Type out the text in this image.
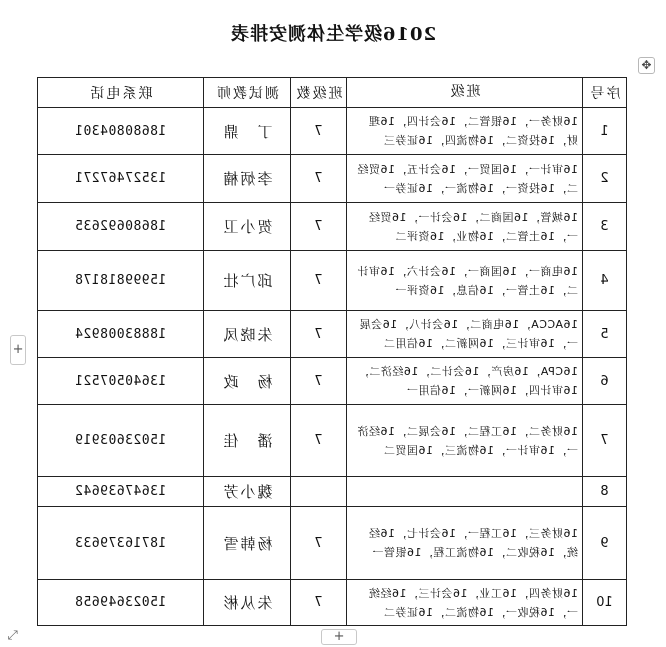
2016级学生体测安排表
✥
+
+
⤡
序号	班级	班级数	测试教师	联系电话
1	16财务一，16银管二，16会计四，16理财，16投资二，16物流四，16证券三	7	丁　鼎	18680804301
2	16审计一，16国贸一，16会计五，16贸经二，16投资一，16物流一，16证券一	7	李炳楠	13527467271
3	16城管，16国商二，16会计一，16贸经一，16土管二，16物业，16资评二	7	贺小卫	18680692635
4	16电商一，16国商一，16会计六，16审计二，16土管一，16信息，16资评一	7	邱广壮	15999818178
5	16ACCA，16电商二，16会计八，16会展一，16审计三，16网新二，16信用二	7	朱晓凤	18883008924
6	16CPA，16房产，16会计二，16经济二，16审计四，16网新一，16信用一	7	杨　政	13640507521
7	16财务二，16工程二，16会展二，16经济一，16审计一，16物流三，16国贸二	7	潘　佳	15023603919
8			魏小芳	13647639642
9	16财务三，16工程一，16会计七，16经统，16税收二，16物流工程，16银管一	7	杨韩雪	18716379633
10	16财务四，16工业，16会计三，16经统一，16税收一，16物流二，16证券二	7	朱从彬	15023649658
